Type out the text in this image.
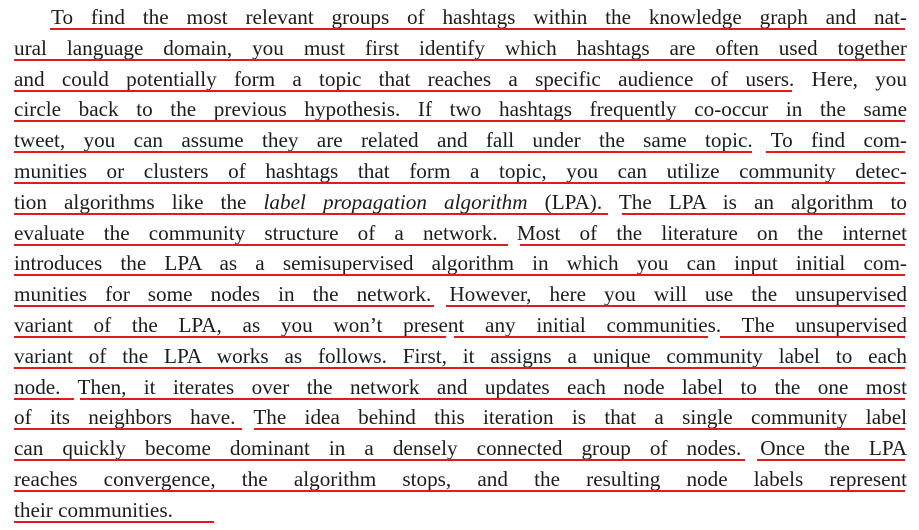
To find the most relevant groups of hashtags within the knowledge graph and nat-
ural language domain, you must first identify which hashtags are often used together
and could potentially form a topic that reaches a specific audience of users. Here, you
circle back to the previous hypothesis. If two hashtags frequently co-occur in the same
tweet, you can assume they are related and fall under the same topic. To find com-
munities or clusters of hashtags that form a topic, you can utilize community detec-
tion algorithms like the label propagation algorithm (LPA). The LPA is an algorithm to
evaluate the community structure of a network. Most of the literature on the internet
introduces the LPA as a semisupervised algorithm in which you can input initial com-
munities for some nodes in the network. However, here you will use the unsupervised
variant of the LPA, as you won’t present any initial communities. The unsupervised
variant of the LPA works as follows. First, it assigns a unique community label to each
node. Then, it iterates over the network and updates each node label to the one most
of its neighbors have. The idea behind this iteration is that a single community label
can quickly become dominant in a densely connected group of nodes. Once the LPA
reaches convergence, the algorithm stops, and the resulting node labels represent
their communities.
